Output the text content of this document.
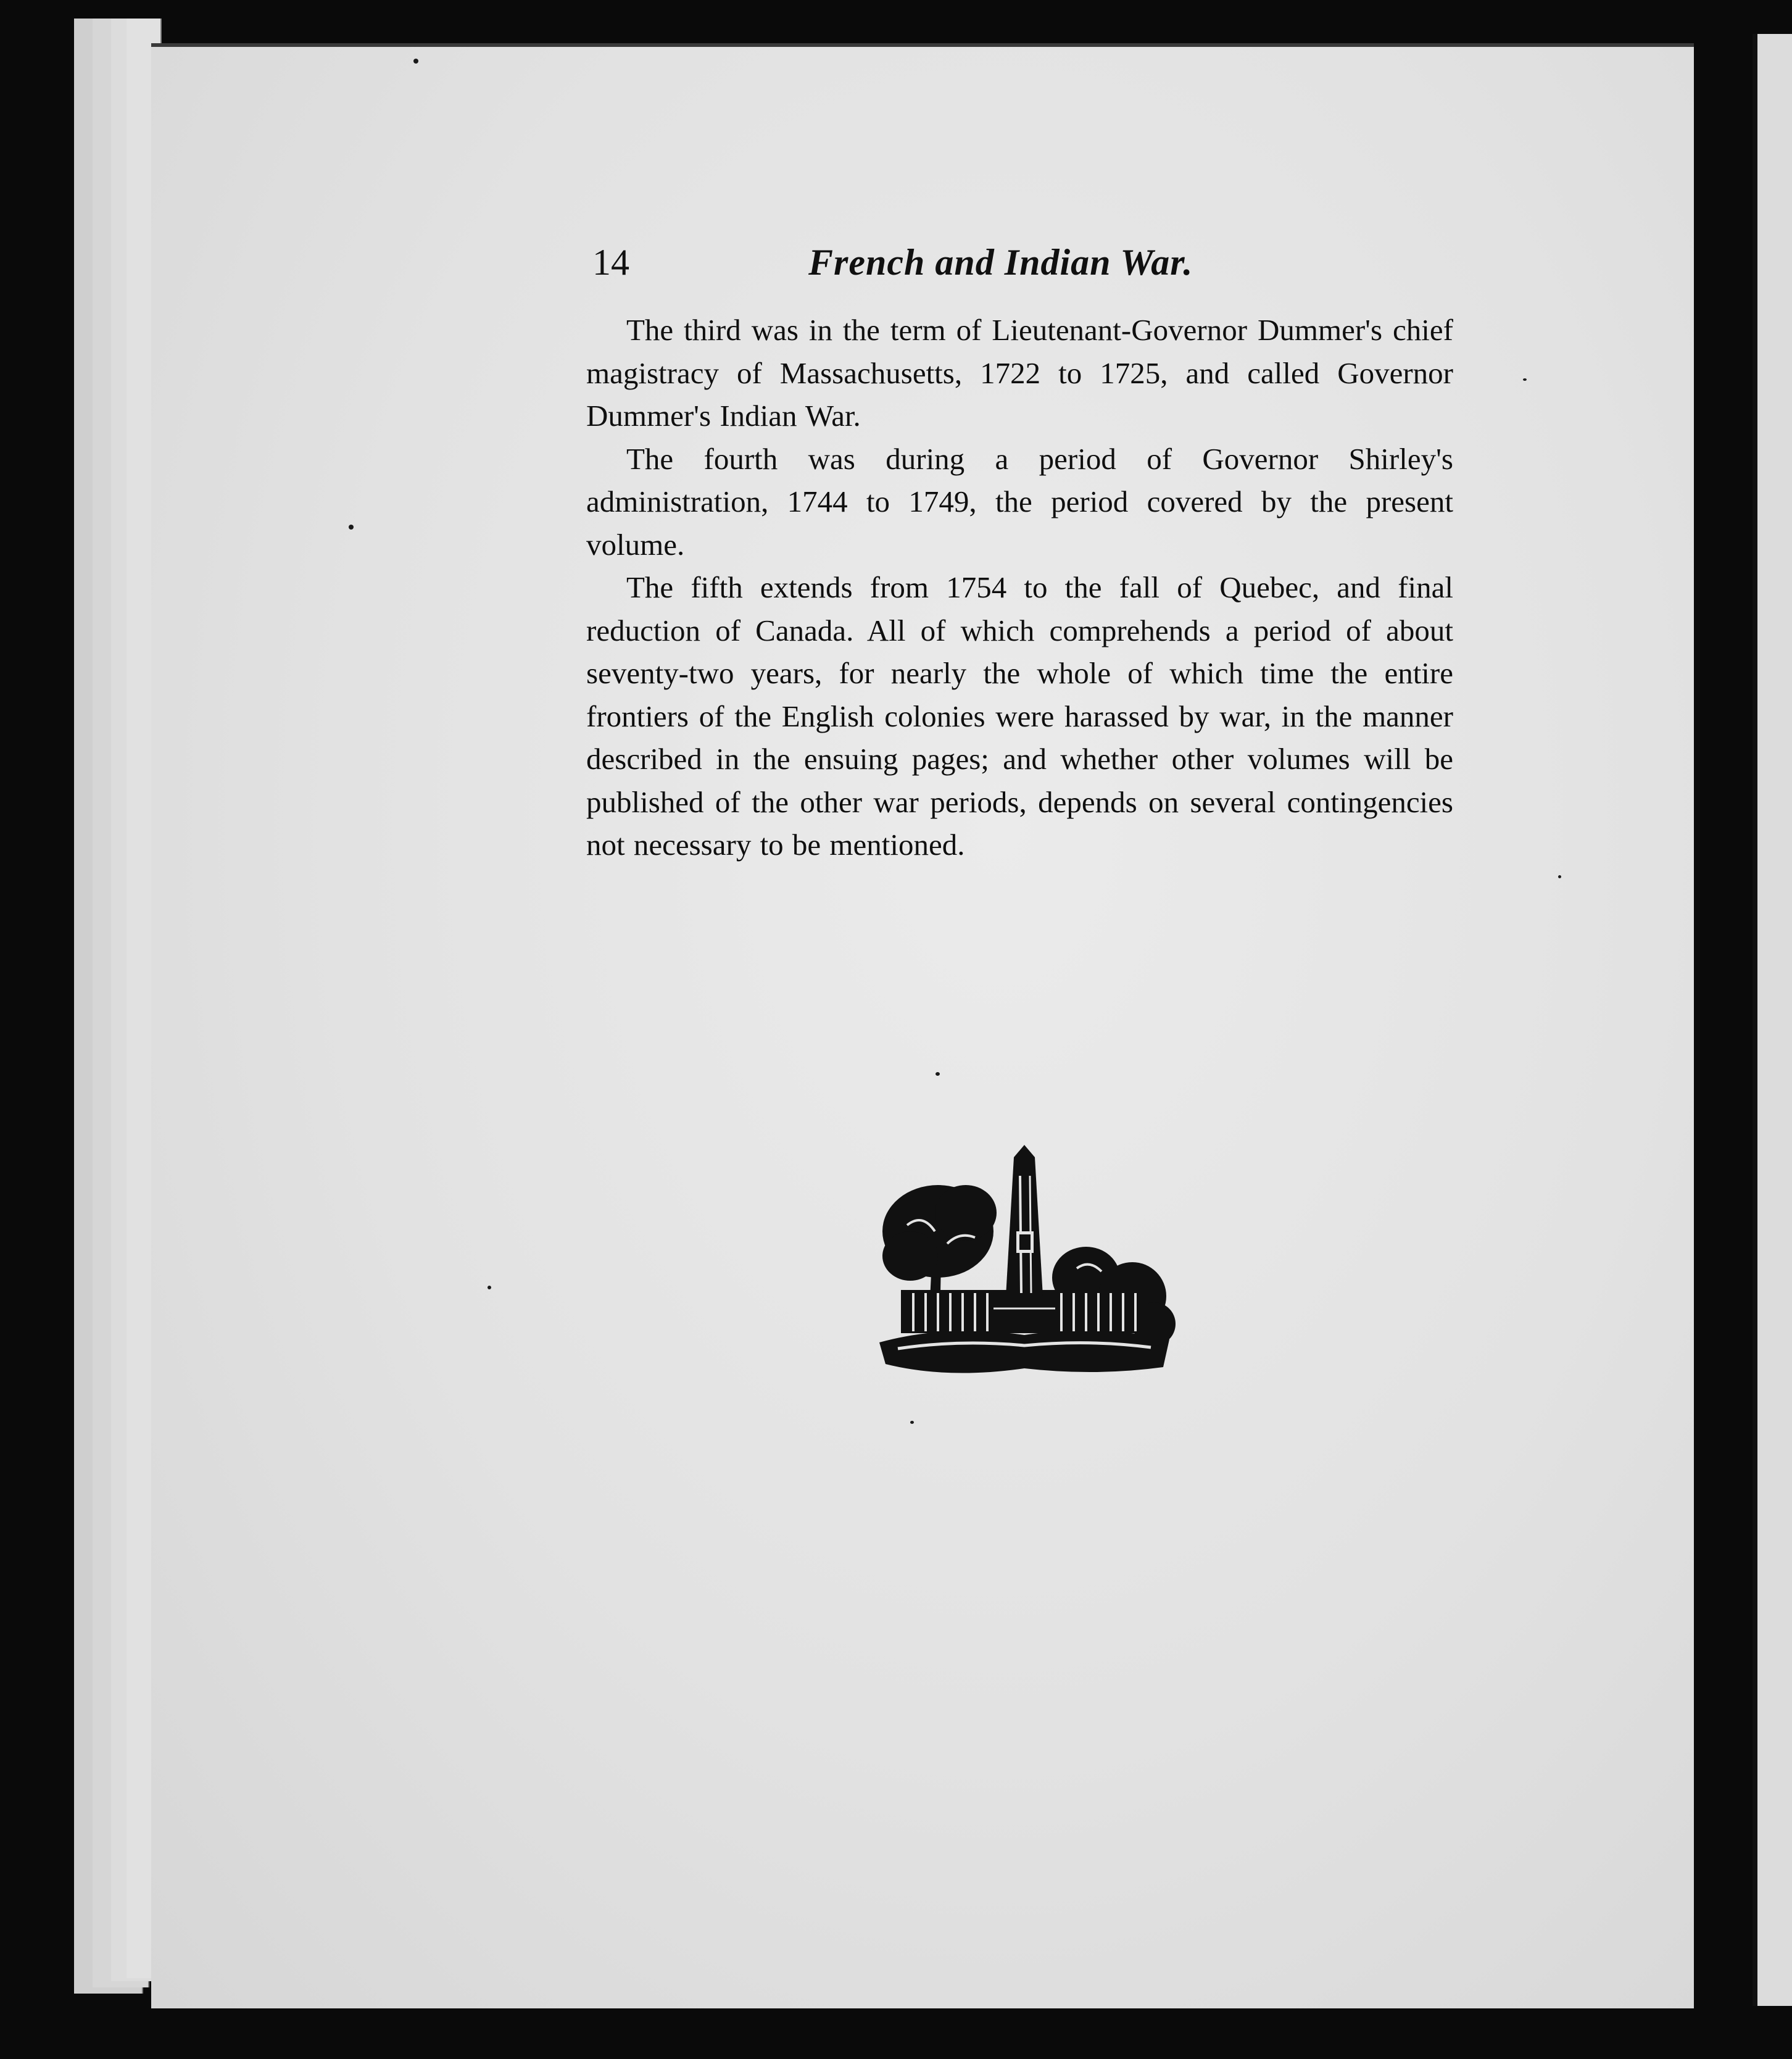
14	French and Indian War.

The third was in the term of Lieutenant-Governor Dummer's chief magistracy of Massachusetts, 1722 to 1725, and called Governor Dummer's Indian War.

The fourth was during a period of Governor Shirley's administration, 1744 to 1749, the period covered by the present volume.

The fifth extends from 1754 to the fall of Quebec, and final reduction of Canada. All of which comprehends a period of about seventy-two years, for nearly the whole of which time the entire frontiers of the English colonies were harassed by war, in the manner described in the ensuing pages; and whether other volumes will be published of the other war periods, depends on several contingencies not necessary to be mentioned.
